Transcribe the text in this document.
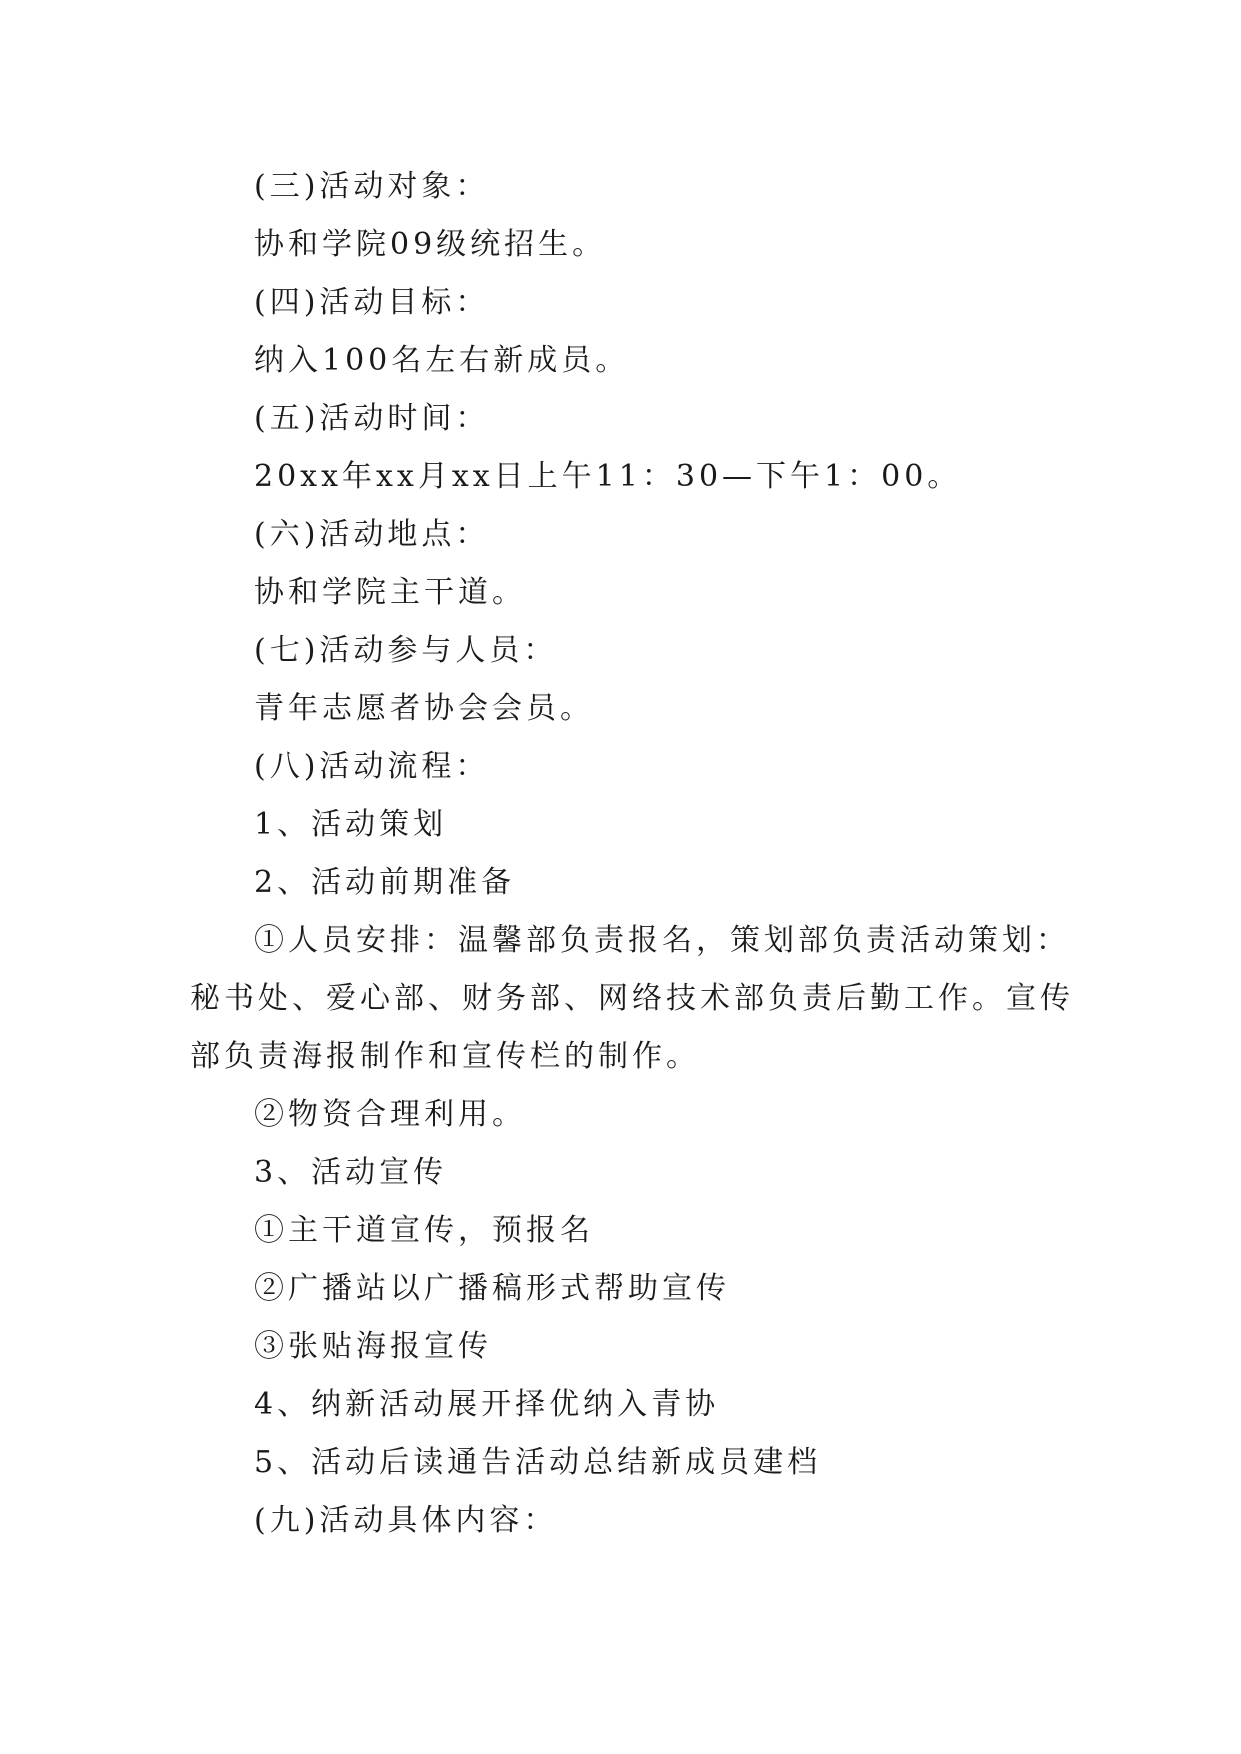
(三)活动对象：
协和学院09级统招生。
(四)活动目标：
纳入100名左右新成员。
(五)活动时间：
20xx年xx月xx日上午11：30—下午1：00。
(六)活动地点：
协和学院主干道。
(七)活动参与人员：
青年志愿者协会会员。
(八)活动流程：
1、活动策划
2、活动前期准备

①人员安排：温馨部负责报名，策划部负责活动策划：秘书处、爱心部、财务部、网络技术部负责后勤工作。宣传部负责海报制作和宣传栏的制作。

②物资合理利用。
3、活动宣传
①主干道宣传，预报名
②广播站以广播稿形式帮助宣传
③张贴海报宣传
4、纳新活动展开择优纳入青协
5、活动后读通告活动总结新成员建档
(九)活动具体内容：
